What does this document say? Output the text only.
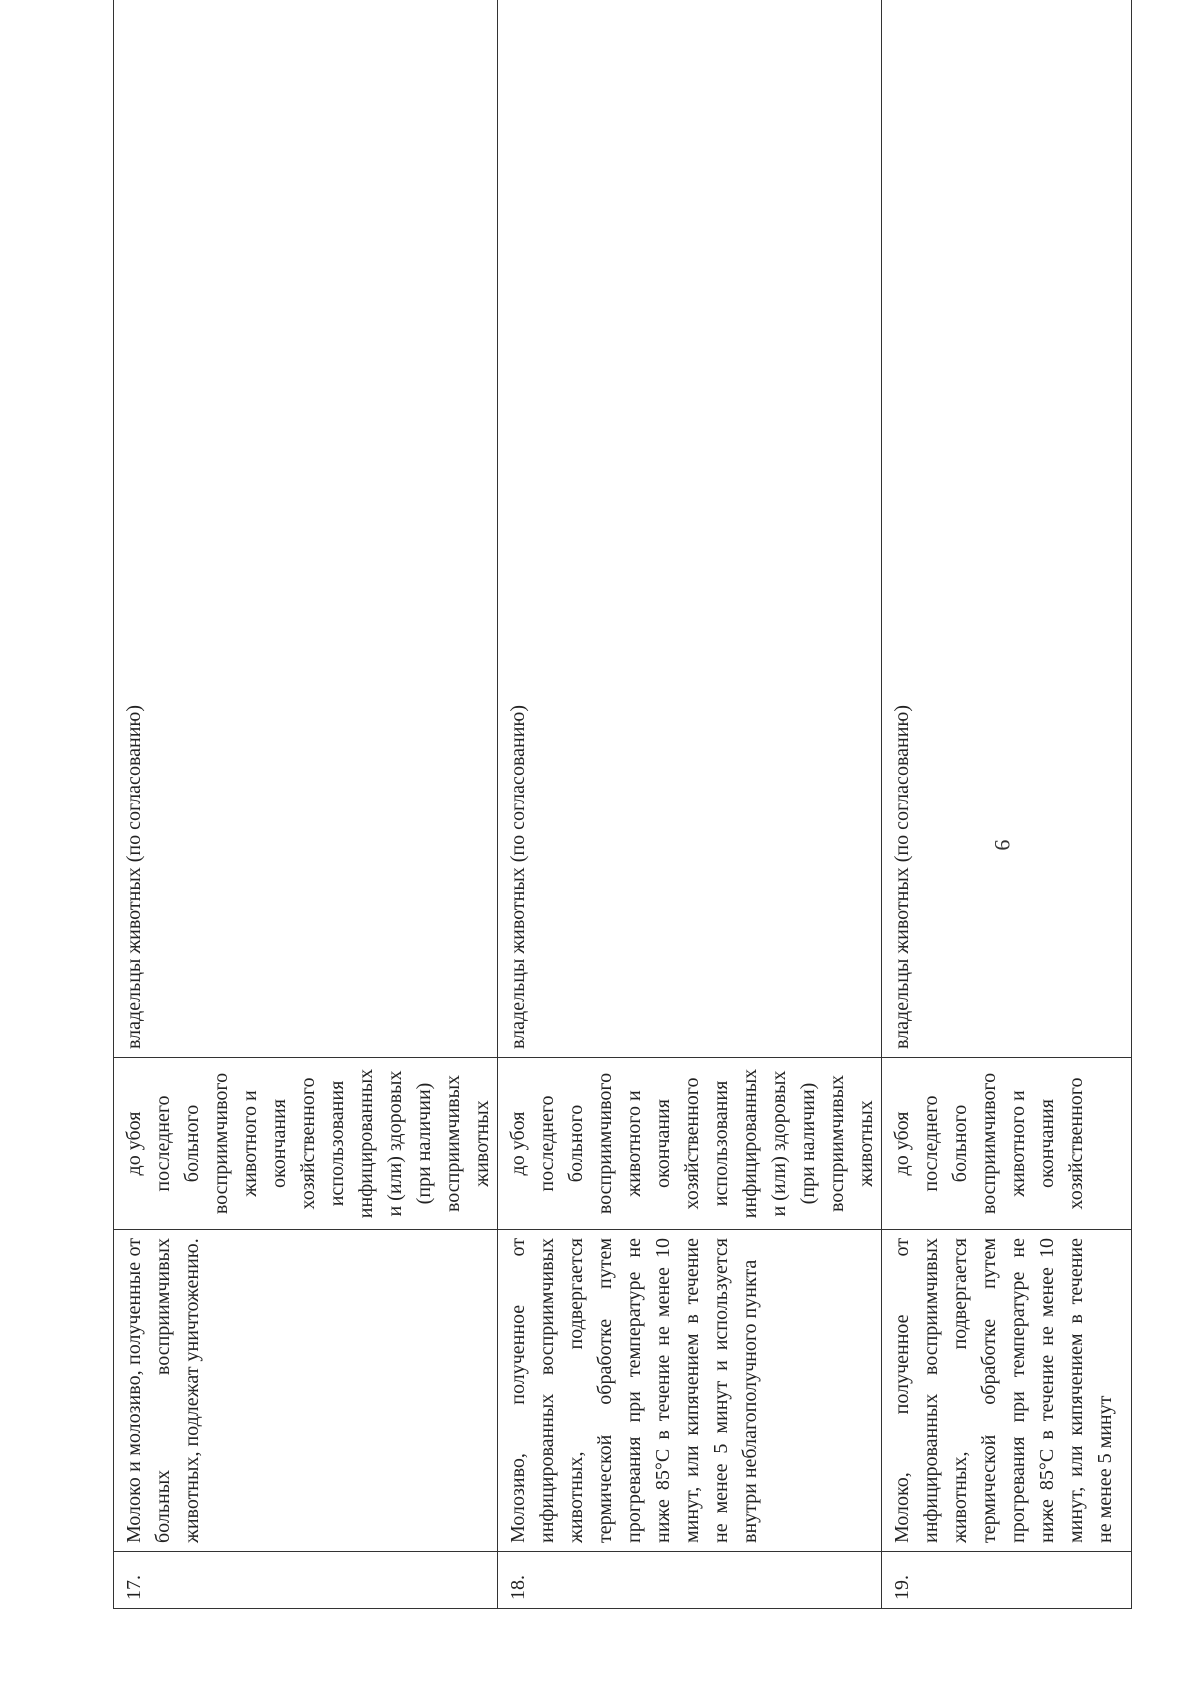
9
17.	Молоко и молозиво, полученные от больных восприимчивых животных, подлежат уничтожению.	до убоя последнего больного восприимчивого животного и окончания хозяйственного использования инфицированных и (или) здоровых (при наличии) восприимчивых животных	владельцы животных (по согласованию)
18.	Молозиво, полученное от инфицированных восприимчивых животных, подвергается термической обработке путем прогревания при температуре не ниже 85°С в течение не менее 10 минут, или кипячением в течение не менее 5 минут и используется внутри неблагополучного пункта	до убоя последнего больного восприимчивого животного и окончания хозяйственного использования инфицированных и (или) здоровых (при наличии) восприимчивых животных	владельцы животных (по согласованию)
19.	Молоко, полученное от инфицированных восприимчивых животных, подвергается термической обработке путем прогревания при температуре не ниже 85°С в течение не менее 10 минут, или кипячением в течение не менее 5 минут	до убоя последнего больного восприимчивого животного и окончания хозяйственного	владельцы животных (по согласованию)
